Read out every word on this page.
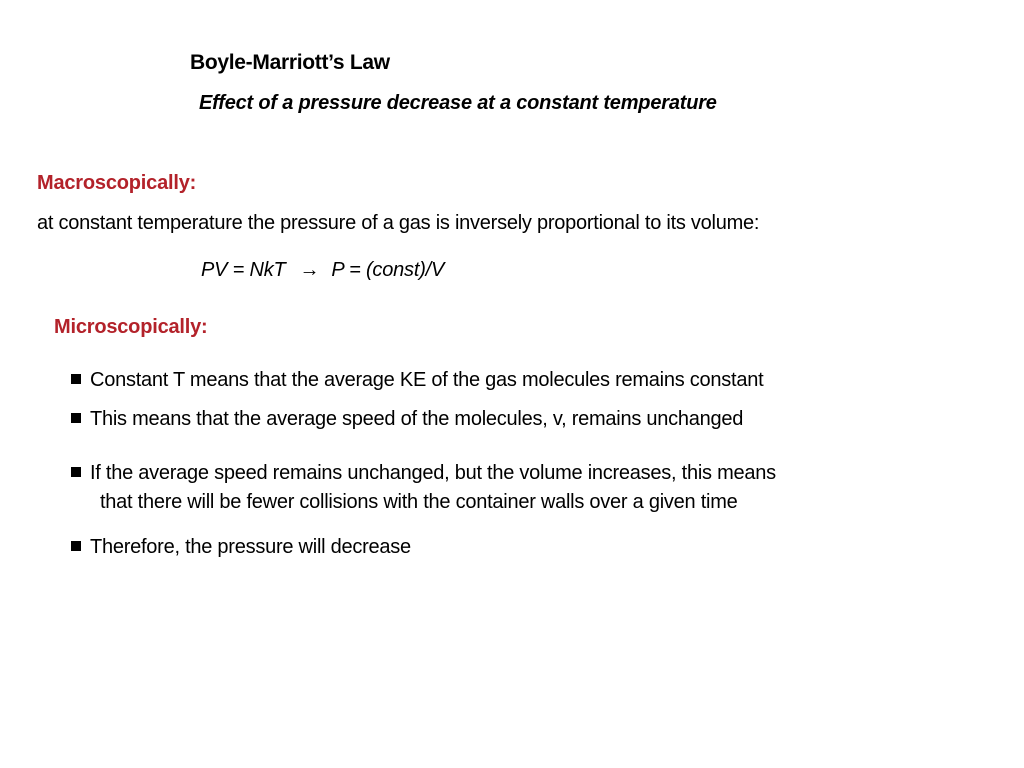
Boyle-Marriott’s Law
Effect of a pressure decrease at a constant temperature
Macroscopically:
at constant temperature the pressure of a gas is inversely proportional to its volume:
PV = NkT → P = (const)/V
Microscopically:
Constant T means that the average KE of the gas molecules remains constant
This means that the average speed of the molecules, v, remains unchanged
If the average speed remains unchanged, but the volume increases, this means
that there will be fewer collisions with the container walls over a given time
Therefore, the pressure will decrease
